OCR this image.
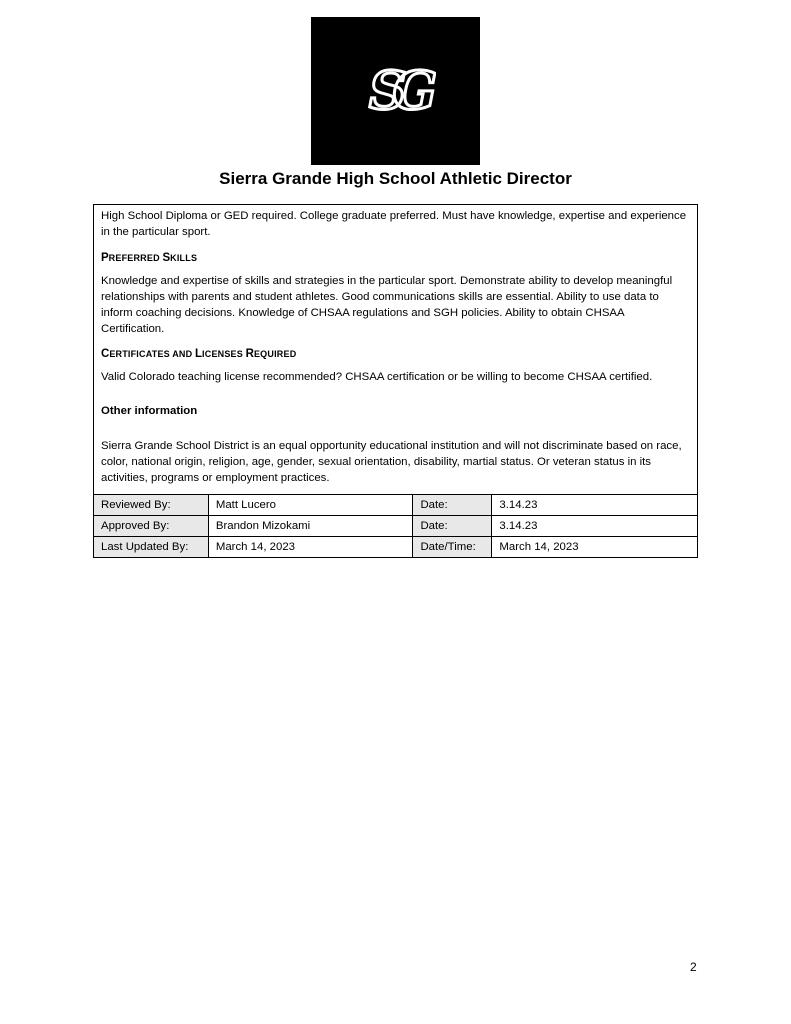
SG
Sierra Grande High School Athletic Director

High School Diploma or GED required. College graduate preferred. Must have knowledge, expertise and experience in the particular sport.

PREFERRED SKILLS

Knowledge and expertise of skills and strategies in the particular sport. Demonstrate ability to develop meaningful relationships with parents and student athletes. Good communications skills are essential. Ability to use data to inform coaching decisions. Knowledge of CHSAA regulations and SGH policies. Ability to obtain CHSAA Certification.

CERTIFICATES AND LICENSES REQUIRED

Valid Colorado teaching license recommended? CHSAA certification or be willing to become CHSAA certified.

Other information

Sierra Grande School District is an equal opportunity educational institution and will not discriminate based on race, color, national origin, religion, age, gender, sexual orientation, disability, martial status. Or veteran status in its activities, programs or employment practices.

Reviewed By:	Matt Lucero	Date:	3.14.23
Approved By:	Brandon Mizokami	Date:	3.14.23
Last Updated By:	March 14, 2023	Date/Time:	March 14, 2023
2
